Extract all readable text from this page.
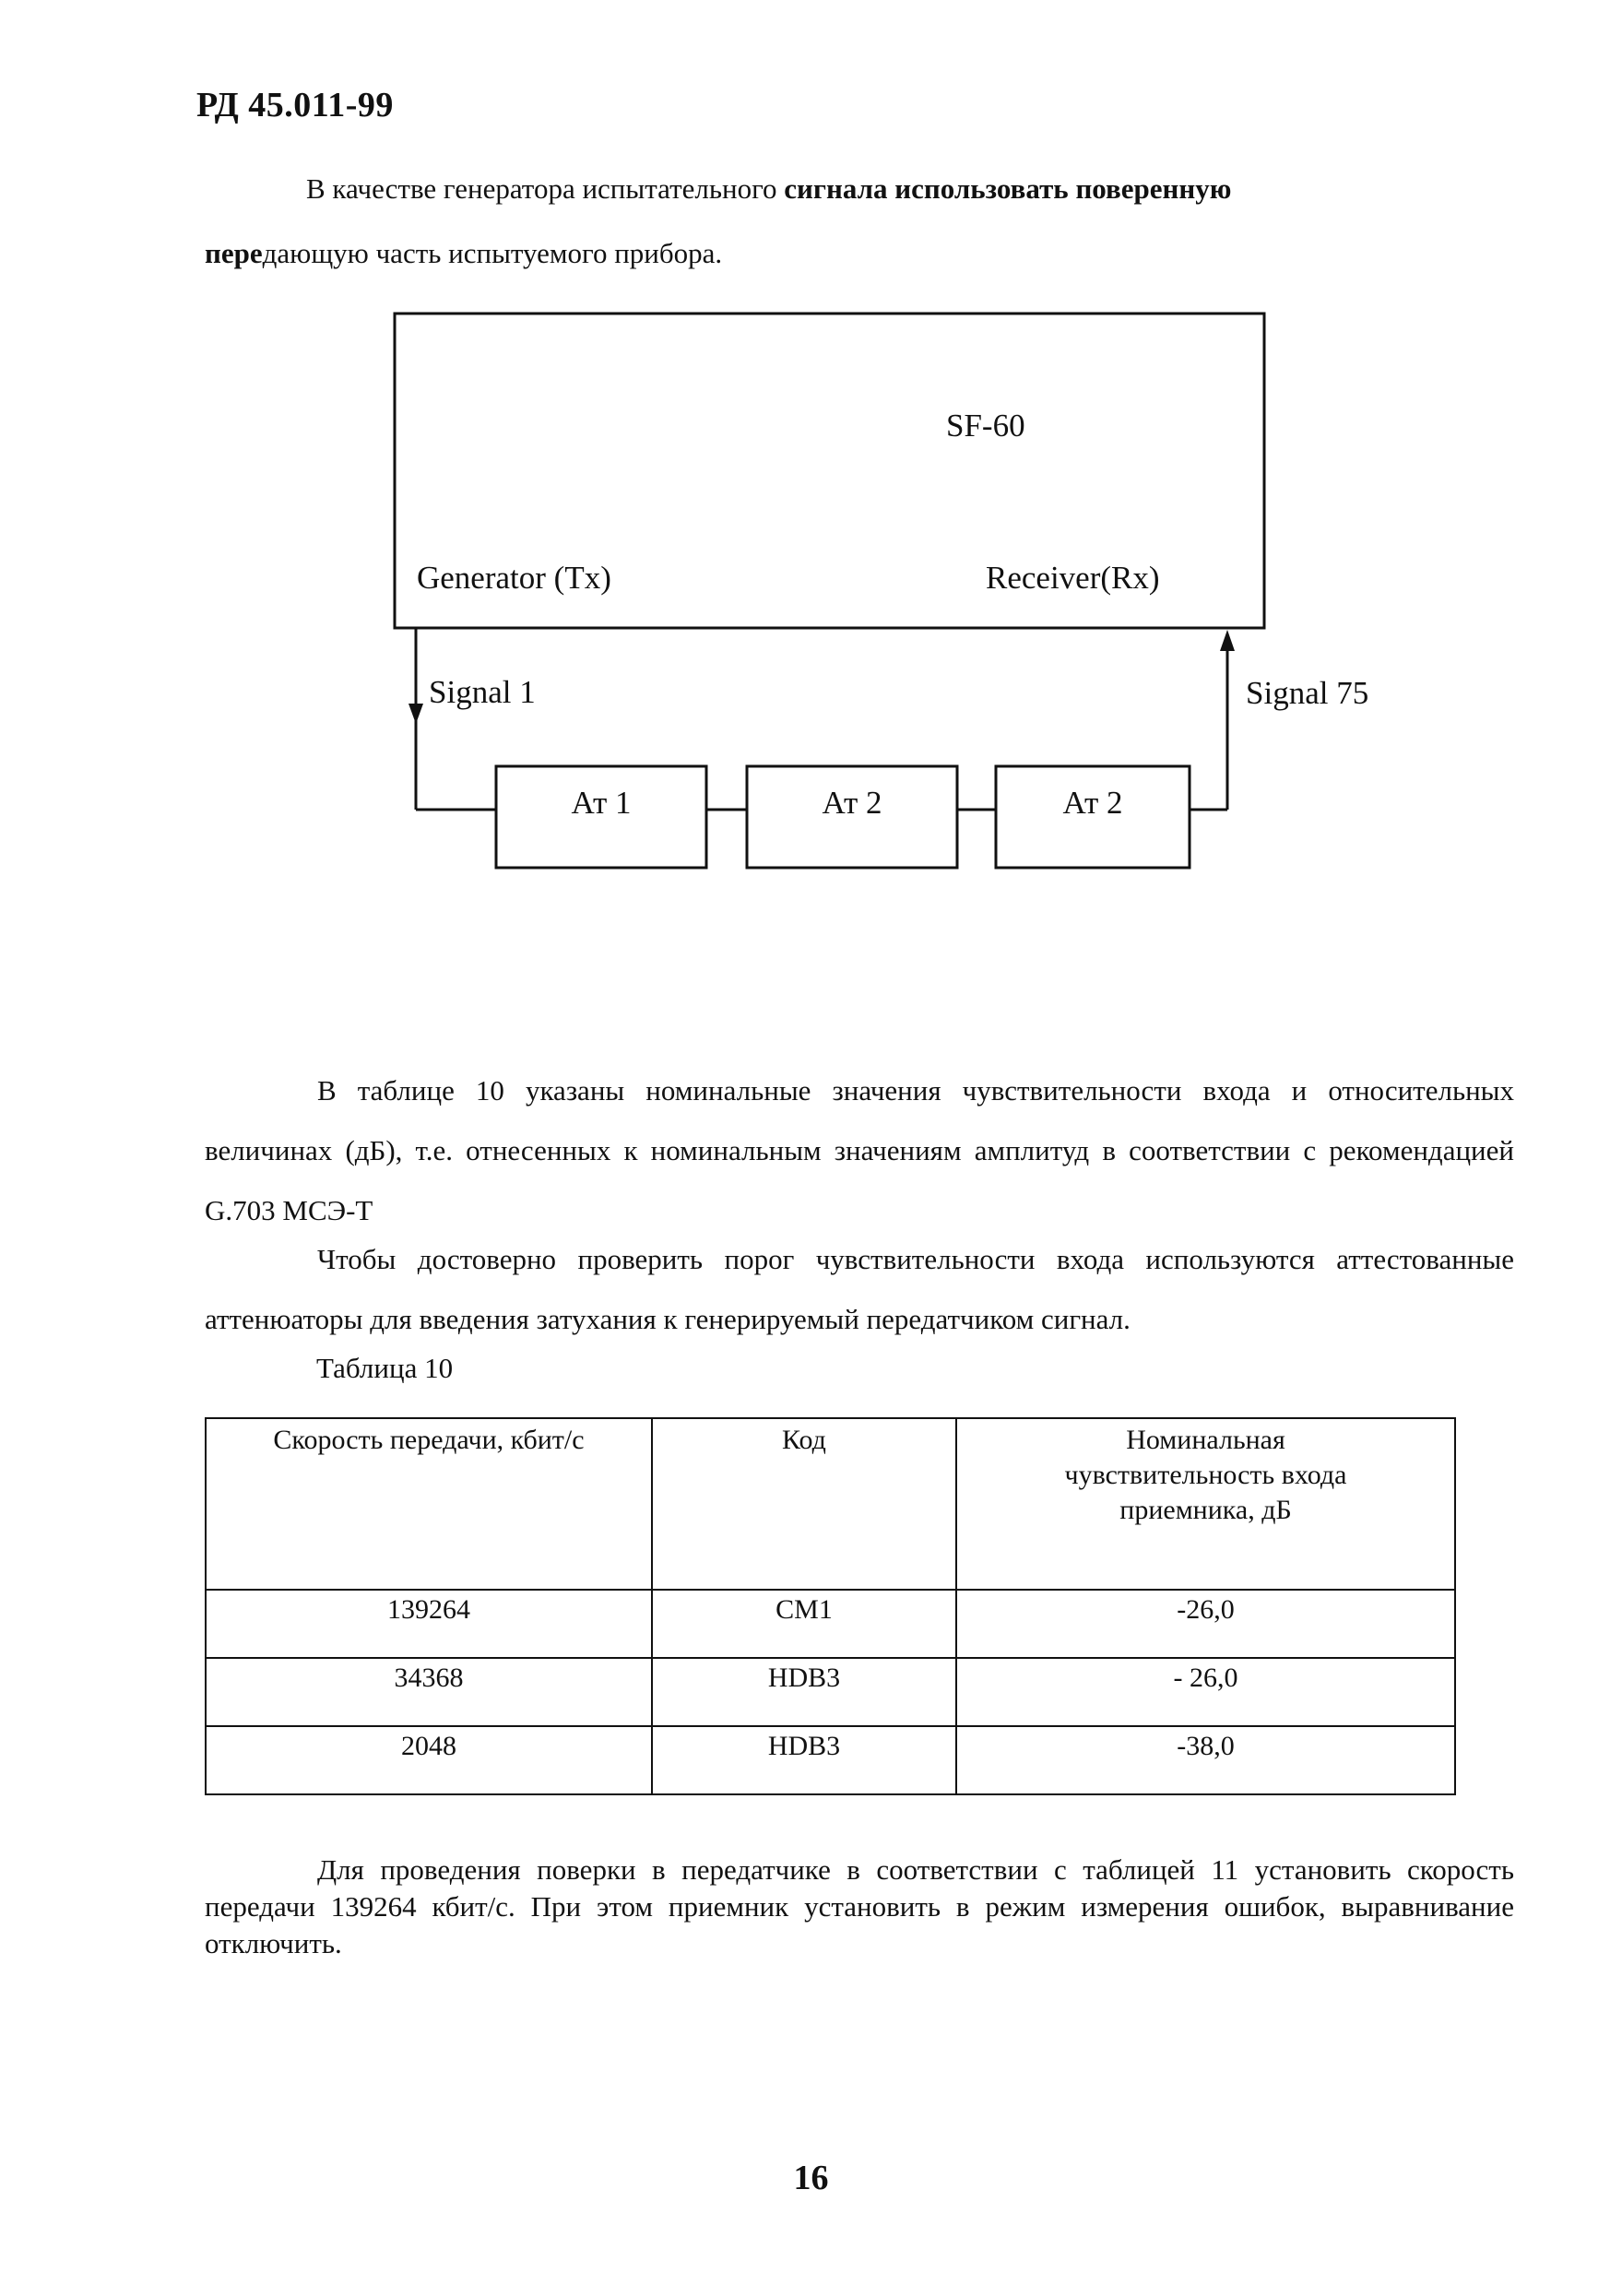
РД 45.011-99
В качестве генератора испытательного сигнала использовать поверенную
передающую часть испытуемого прибора.
SF-60
Generator (Tx)	Receiver(Rx)
Signal 1
Ат 1	Ат 2	Ат 2
Signal 75
В таблице 10 указаны номинальные значения чувствительности входа и относительных величинах (дБ), т.е. отнесенных к номинальным значениям амплитуд в соответствии с рекомендацией G.703 МСЭ-Т
Чтобы достоверно проверить порог чувствительности входа используются аттестованные аттенюаторы для введения затухания к генерируемый передатчиком сигнал.
Таблица 10
Скорость передачи, кбит/с	Код	Номинальная чувствительность входа приемника, дБ
139264	CM1	-26,0
34368	HDB3	- 26,0
2048	HDB3	-38,0
Для проведения поверки в передатчике в соответствии с таблицей 11 установить скорость передачи 139264 кбит/с. При этом приемник установить в режим измерения ошибок, выравнивание отключить.
16
